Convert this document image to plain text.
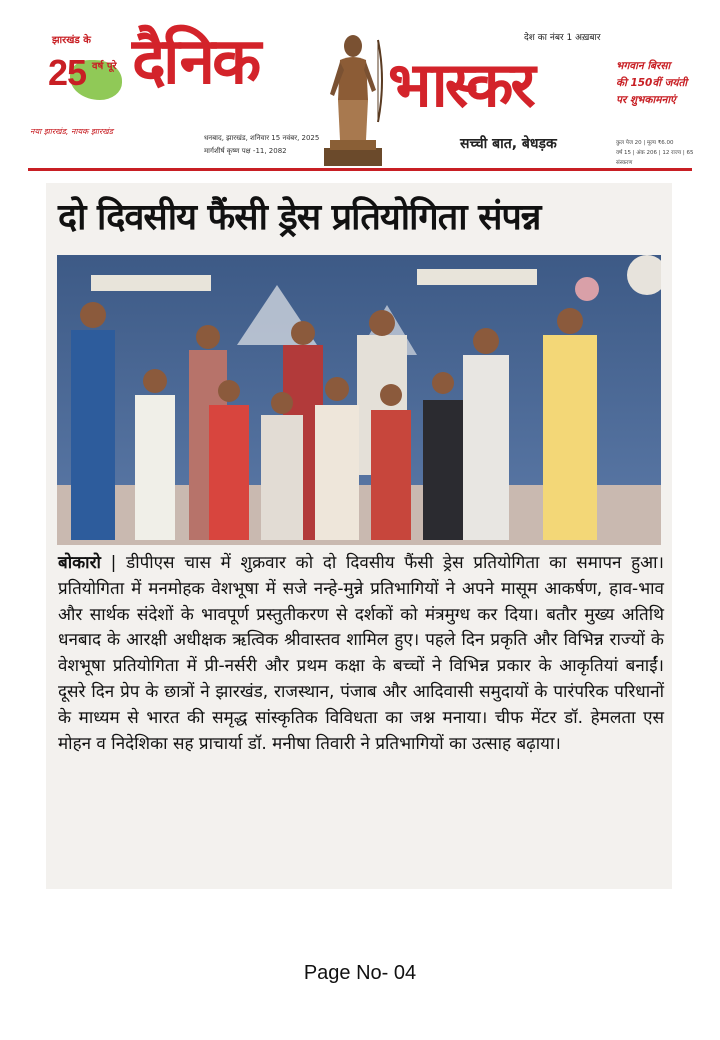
झारखंड के
25 वर्ष पूरे
नया झारखंड, नायक झारखंड
दैनिक भास्कर
देश का नंबर 1 अख़बार
धनबाद, झारखंड, शनिवार 15 नवंबर, 2025
मार्गशीर्ष कृष्ण पक्ष -11, 2082	सच्ची बात, बेधड़क
भगवान बिरसा
की 150वीं जयंती
पर शुभकामनाएं
कुल पेज 20 | मूल्य ₹6.00
वर्ष 15 | अंक 206 | 12 राज्य | 65 संस्करण
दो दिवसीय फैंसी ड्रेस प्रतियोगिता संपन्न
बोकारो | डीपीएस चास में शुक्रवार को दो दिवसीय फैंसी ड्रेस प्रतियोगिता का समापन हुआ। प्रतियोगिता में मनमोहक वेशभूषा में सजे नन्हे-मुन्ने प्रतिभागियों ने अपने मासूम आकर्षण, हाव-भाव और सार्थक संदेशों के भावपूर्ण प्रस्तुतीकरण से दर्शकों को मंत्रमुग्ध कर दिया। बतौर मुख्य अतिथि धनबाद के आरक्षी अधीक्षक ऋत्विक श्रीवास्तव शामिल हुए। पहले दिन प्रकृति और विभिन्न राज्यों के वेशभूषा प्रतियोगिता में प्री-नर्सरी और प्रथम कक्षा के बच्चों ने विभिन्न प्रकार के आकृतियां बनाईं। दूसरे दिन प्रेप के छात्रों ने झारखंड, राजस्थान, पंजाब और आदिवासी समुदायों के पारंपरिक परिधानों के माध्यम से भारत की समृद्ध सांस्कृतिक विविधता का जश्न मनाया। चीफ मेंटर डॉ. हेमलता एस मोहन व निदेशिका सह प्राचार्या डॉ. मनीषा तिवारी ने प्रतिभागियों का उत्साह बढ़ाया।
Page No- 04
